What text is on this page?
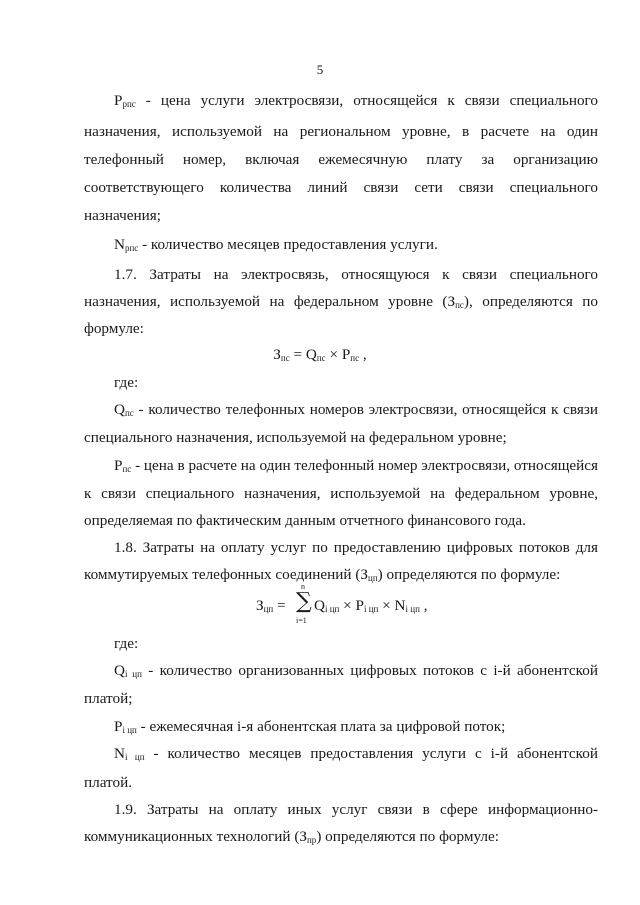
5
$P_{рпс}$ - цена услуги электросвязи, относящейся к связи специального
назначения, используемой на региональном уровне, в расчете на один
телефонный номер, включая ежемесячную плату за организацию
соответствующего количества линий связи сети связи специального
назначения;
$N_{рпс}$ - количество месяцев предоставления услуги.
1.7. Затраты на электросвязь, относящуюся к связи специального
назначения, используемой на федеральном уровне $(З_{пс})$, определяются по
формуле:
$З_{пс} = Q_{пс} \times P_{пс}$ ,
где:
$Q_{пс}$ - количество телефонных номеров электросвязи, относящейся к связи
специального назначения, используемой на федеральном уровне;
$P_{пс}$ - цена в расчете на один телефонный номер электросвязи, относящейся
к связи специального назначения, используемой на федеральном уровне,
определяемая по фактическим данным отчетного финансового года.
1.8. Затраты на оплату услуг по предоставлению цифровых потоков для
коммутируемых телефонных соединений $(З_{цп})$ определяются по формуле:
$З_{цп}$ =
n
∑
i=1
$Q_{i цп} \times P_{i цп} \times N_{i цп}$ ,
где:
$Q_{i цп}$ - количество организованных цифровых потоков с i-й абонентской
платой;
$P_{i цп}$ - ежемесячная i-я абонентская плата за цифровой поток;
$N_{i цп}$ - количество месяцев предоставления услуги с i-й абонентской
платой.
1.9. Затраты на оплату иных услуг связи в сфере информационно-
коммуникационных технологий $(З_{пр})$ определяются по формуле:
